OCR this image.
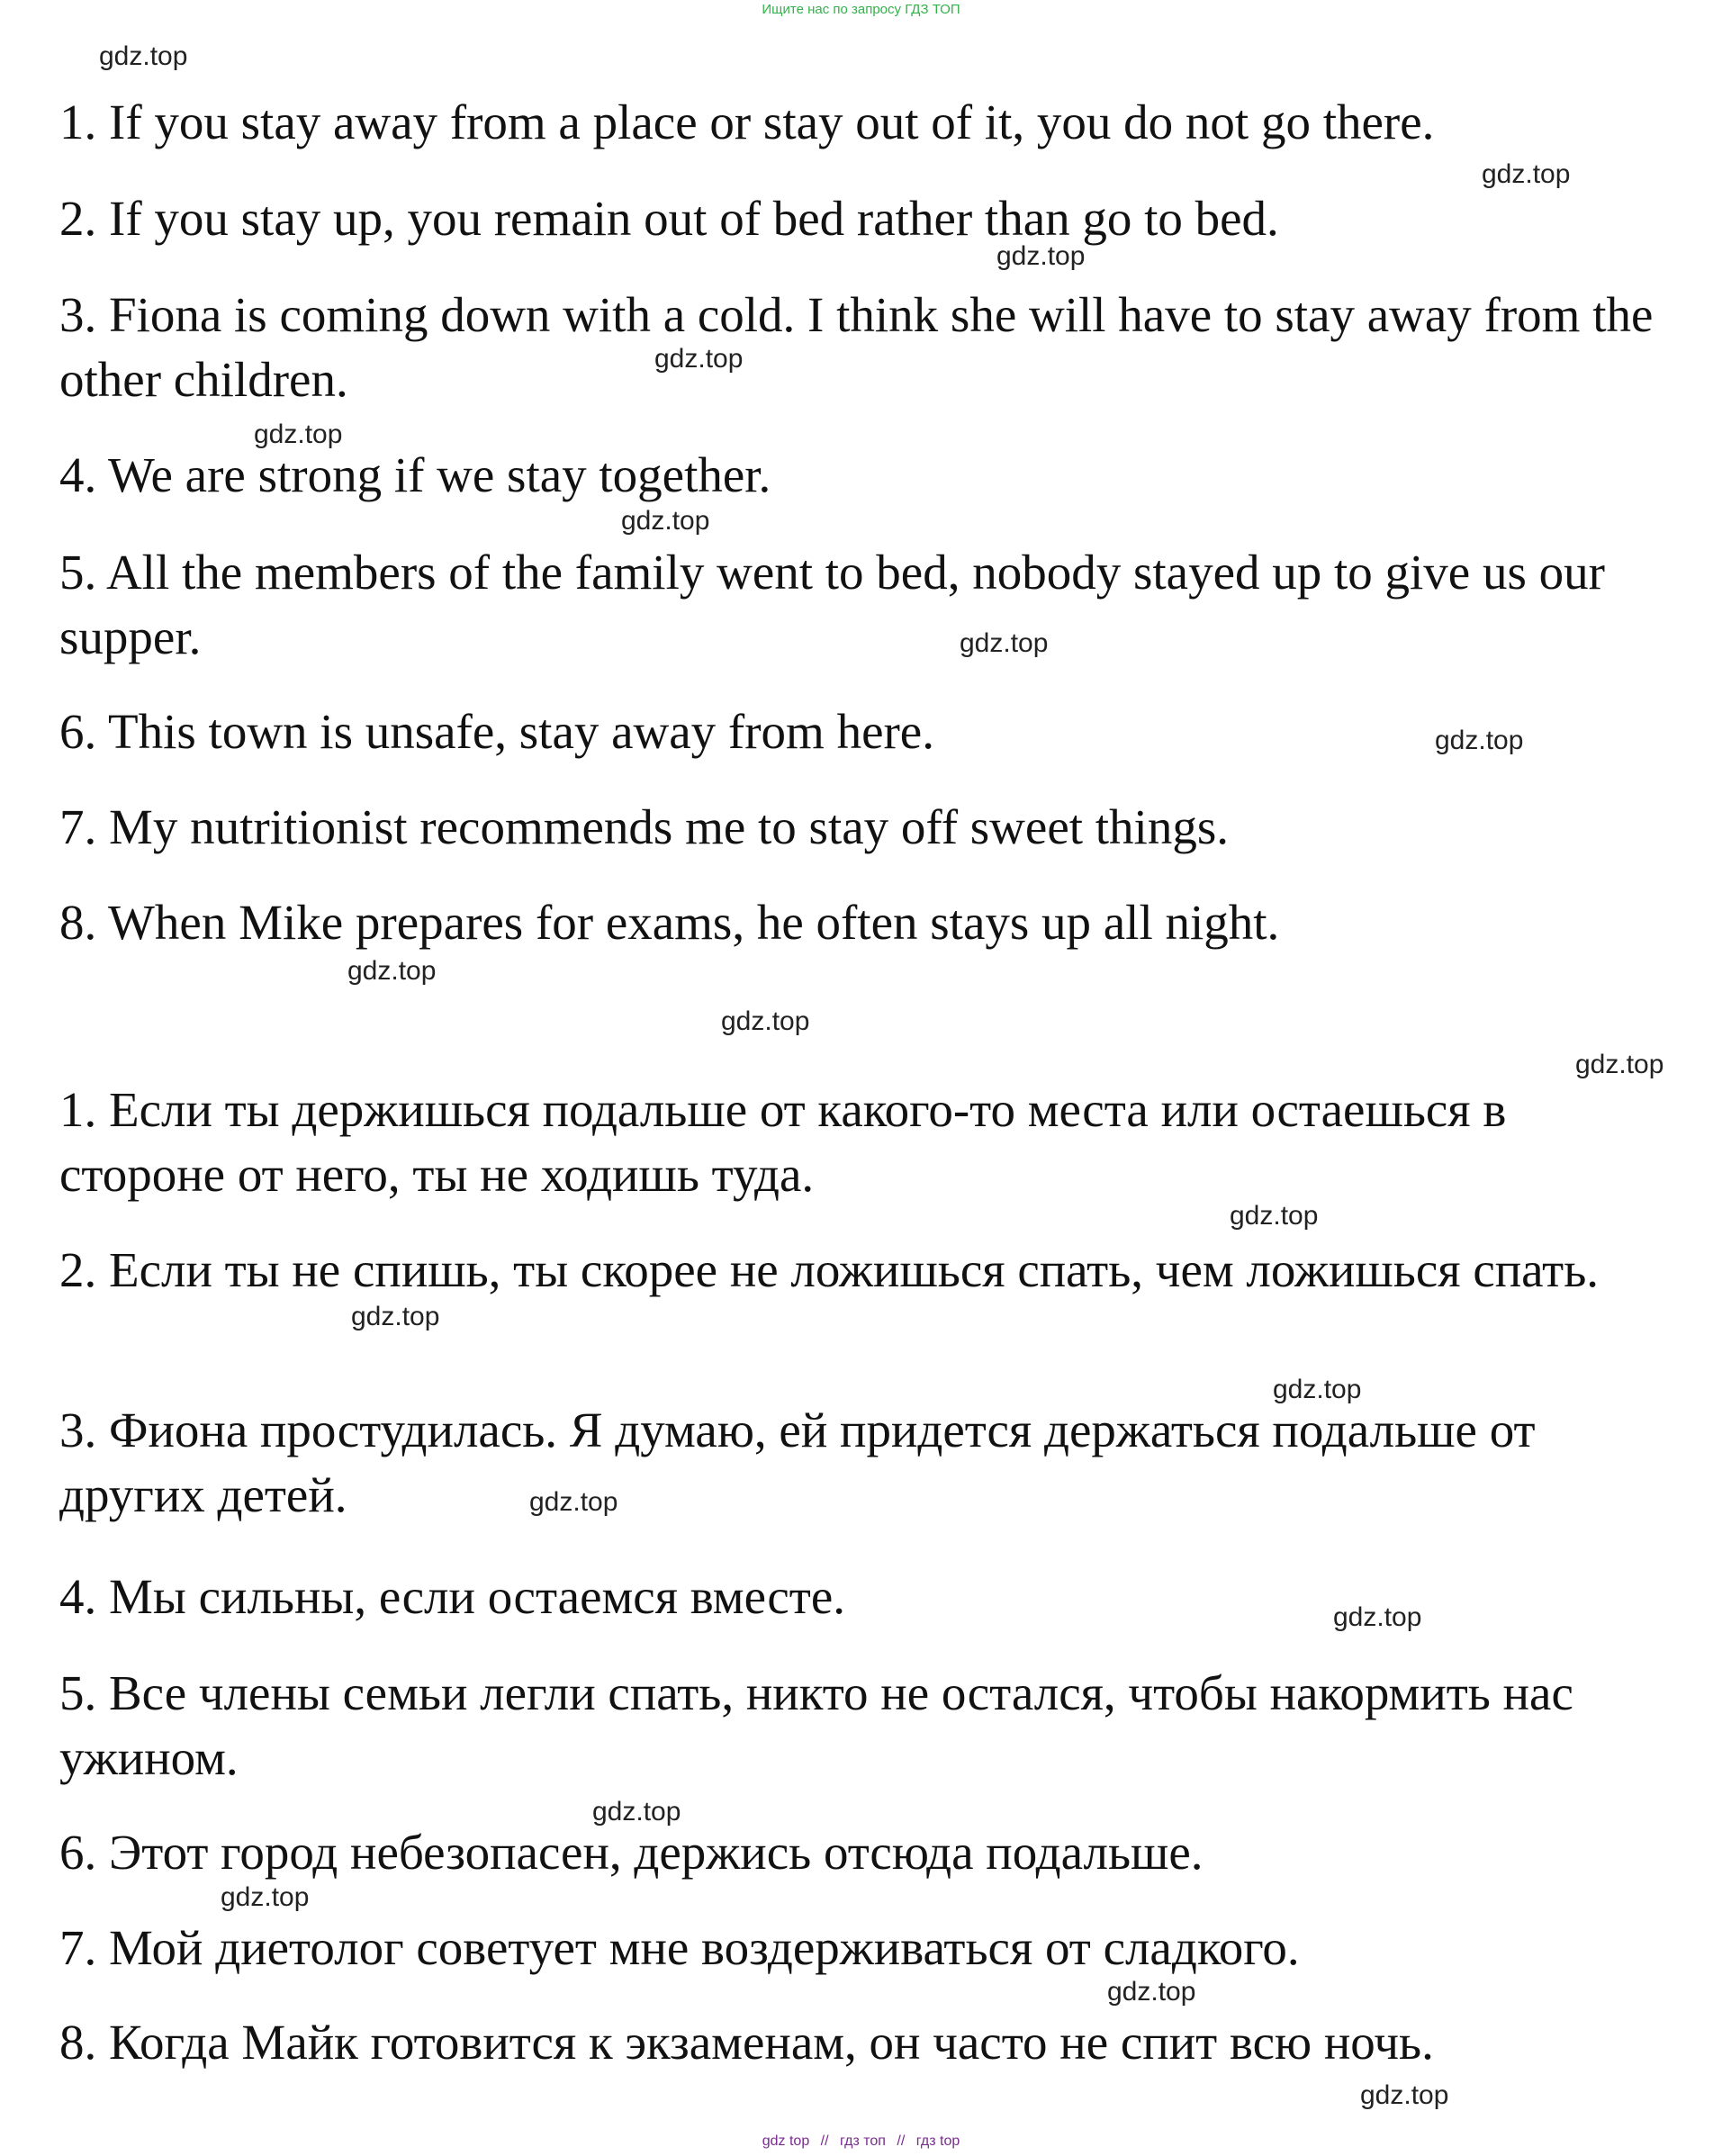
Ищите нас по запросу ГДЗ ТОП

1. If you stay away from a place or stay out of it, you do not go there.

2. If you stay up, you remain out of bed rather than go to bed.

3. Fiona is coming down with a cold. I think she will have to stay away from the other children.

4. We are strong if we stay together.

5. All the members of the family went to bed, nobody stayed up to give us our supper.

6. This town is unsafe, stay away from here.

7. My nutritionist recommends me to stay off sweet things.

8. When Mike prepares for exams, he often stays up all night.

1. Если ты держишься подальше от какого-то места или остаешься в стороне от него, ты не ходишь туда.

2. Если ты не спишь, ты скорее не ложишься спать, чем ложишься спать.

3. Фиона простудилась. Я думаю, ей придется держаться подальше от других детей.

4. Мы сильны, если остаемся вместе.

5. Все члены семьи легли спать, никто не остался, чтобы накормить нас ужином.

6. Этот город небезопасен, держись отсюда подальше.

7. Мой диетолог советует мне воздерживаться от сладкого.

8. Когда Майк готовится к экзаменам, он часто не спит всю ночь.

gdz.top
gdz.top
gdz.top
gdz.top
gdz.top
gdz.top
gdz.top
gdz.top
gdz.top
gdz.top
gdz.top
gdz.top
gdz.top
gdz.top
gdz.top
gdz.top
gdz.top
gdz.top
gdz.top
gdz.top
gdz top // гдз топ // гдз top
